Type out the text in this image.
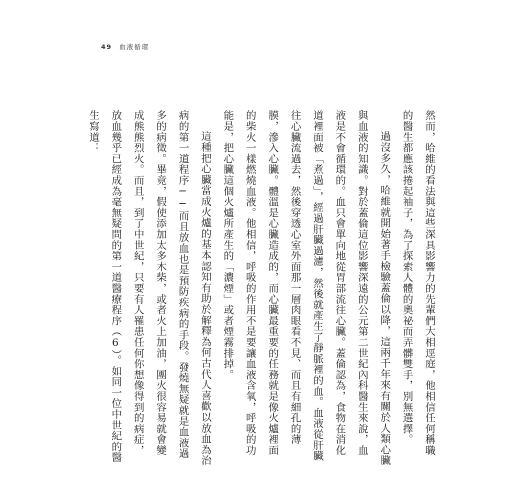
49 血液循環

然而，哈維的看法與這些深具影響力的先輩們大相逕庭，他相信任何稱職的醫生都應該捲起袖子，為了探索人體的奧祕而弄髒雙手，別無選擇。

過沒多久，哈維就開始著手檢驗蓋倫以降，這兩千年來有關於人類心臟與血液的知識。對於蓋倫這位影響深遠的公元第二世紀內科醫生來說，血液是不會循環的。血只會單向地從胃部流往心臟。蓋倫認為，食物在消化道裡面被「煮過」，經過肝臟過濾，然後就產生了靜脈裡的血。血液從肝臟往心臟流過去，然後穿透心室外面那一層肉眼看不見、而且有細孔的薄膜，滲入心臟。體溫是心臟造成的，而心臟最重要的任務就是像火爐裡面的柴火一樣燃燒血液。他相信，呼吸的作用不是要讓血液含氧，呼吸的功能是，把心臟這個火爐所產生的「濃煙」或者煙霧排掉。

這種把心臟當成火爐的基本認知有助於解釋為何古代人喜歡以放血為治病的第一道程序──而且放血也是預防疾病的手段。發燒無疑就是血液過多的病徵。畢竟，假使添加太多木柴，或者火上加油，團火很容易就會變成熊熊烈火。而且，到了中世紀，只要有人罹患任何你想像得到的病症，放血幾乎已經成為毫無疑問的第一道醫療程序（6）。如同一位中世紀的醫生寫道：
